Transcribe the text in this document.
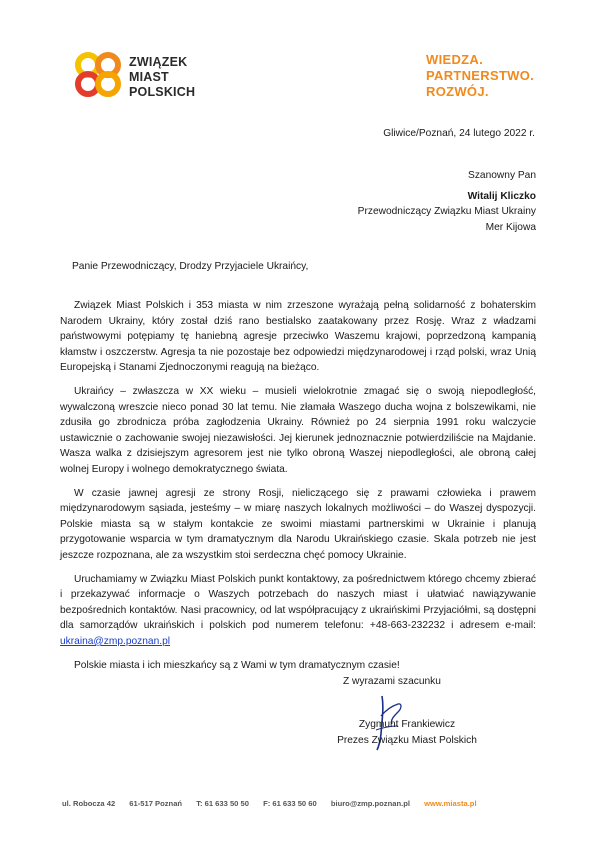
ZWIĄZEK
MIAST
POLSKICH
WIEDZA.
PARTNERSTWO.
ROZWÓJ.
Gliwice/Poznań, 24 lutego 2022 r.
Szanowny Pan
Witalij Kliczko
Przewodniczący Związku Miast Ukrainy
Mer Kijowa
Panie Przewodniczący, Drodzy Przyjaciele Ukraińcy,

Związek Miast Polskich i 353 miasta w nim zrzeszone wyrażają pełną solidarność z bohaterskim Narodem Ukrainy, który został dziś rano bestialsko zaatakowany przez Rosję. Wraz z władzami państwowymi potępiamy tę haniebną agresje przeciwko Waszemu krajowi, poprzedzoną kampanią kłamstw i oszczerstw. Agresja ta nie pozostaje bez odpowiedzi międzynarodowej i rząd polski, wraz Unią Europejską i Stanami Zjednoczonymi reagują na bieżąco.

Ukraińcy – zwłaszcza w XX wieku – musieli wielokrotnie zmagać się o swoją niepodległość, wywalczoną wreszcie nieco ponad 30 lat temu. Nie złamała Waszego ducha wojna z bolszewikami, nie zdusiła go zbrodnicza próba zagłodzenia Ukrainy. Również po 24 sierpnia 1991 roku walczycie ustawicznie o zachowanie swojej niezawisłości. Jej kierunek jednoznacznie potwierdziliście na Majdanie. Wasza walka z dzisiejszym agresorem jest nie tylko obroną Waszej niepodległości, ale obroną całej wolnej Europy i wolnego demokratycznego świata.

W czasie jawnej agresji ze strony Rosji, nieliczącego się z prawami człowieka i prawem międzynarodowym sąsiada, jesteśmy – w miarę naszych lokalnych możliwości – do Waszej dyspozycji. Polskie miasta są w stałym kontakcie ze swoimi miastami partnerskimi w Ukrainie i planują przygotowanie wsparcia w tym dramatycznym dla Narodu Ukraińskiego czasie. Skala potrzeb nie jest jeszcze rozpoznana, ale za wszystkim stoi serdeczna chęć pomocy Ukrainie.

Uruchamiamy w Związku Miast Polskich punkt kontaktowy, za pośrednictwem którego chcemy zbierać i przekazywać informacje o Waszych potrzebach do naszych miast i ułatwiać nawiązywanie bezpośrednich kontaktów. Nasi pracownicy, od lat współpracujący z ukraińskimi Przyjaciółmi, są dostępni dla samorządów ukraińskich i polskich pod numerem telefonu: +48-663-232232 i adresem e-mail: ukraina@zmp.poznan.pl

Polskie miasta i ich mieszkańcy są z Wami w tym dramatycznym czasie!

Z wyrazami szacunku
Zygmunt Frankiewicz
Prezes Związku Miast Polskich
ul. Robocza 42 61-517 Poznań T: 61 633 50 50 F: 61 633 50 60 biuro@zmp.poznan.pl www.miasta.pl
